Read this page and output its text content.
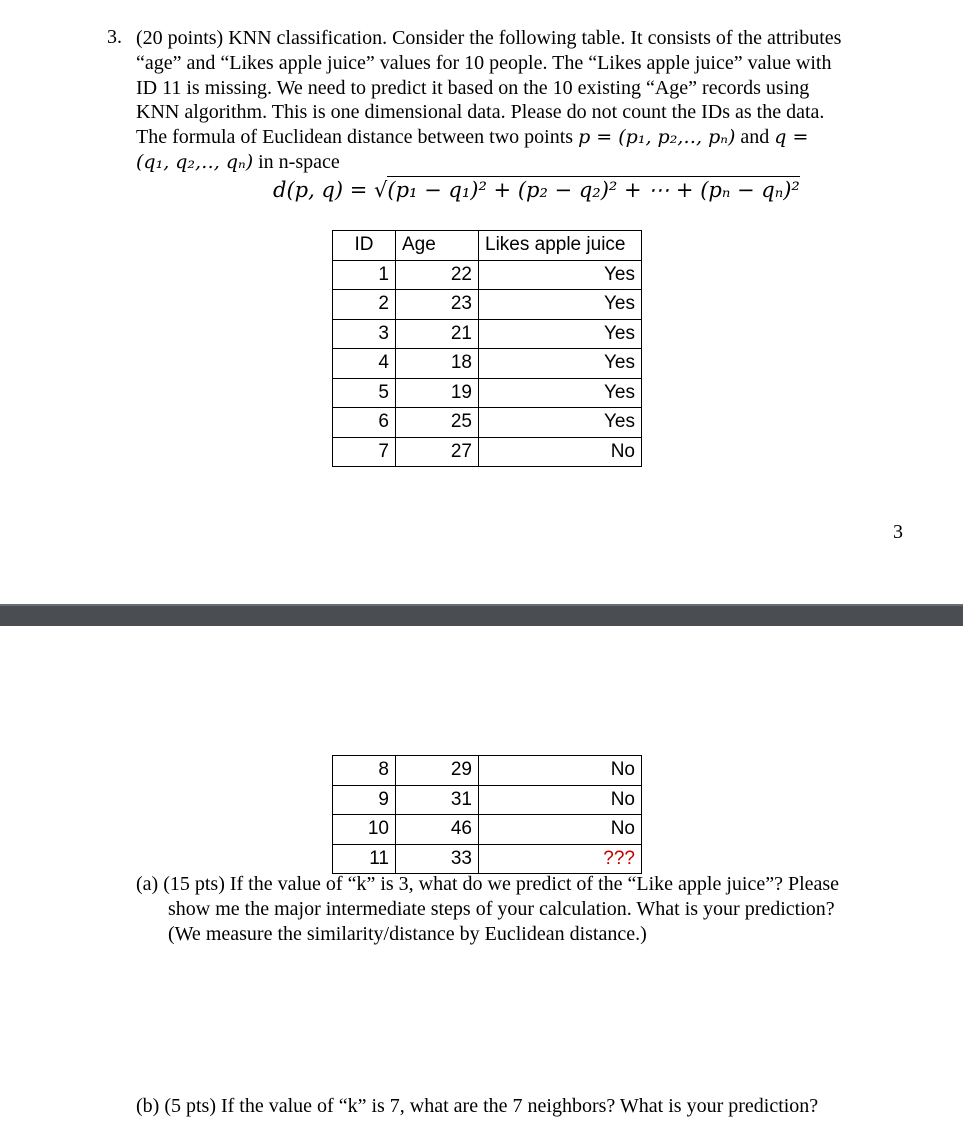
3. (20 points) KNN classification. Consider the following table. It consists of the attributes
“age” and “Likes apple juice” values for 10 people. The “Likes apple juice” value with
ID 11 is missing. We need to predict it based on the 10 existing “Age” records using
KNN algorithm. This is one dimensional data. Please do not count the IDs as the data.
The formula of Euclidean distance between two points p = (p₁, p₂,‥, pₙ) and q =
(q₁, q₂,‥, qₙ) in n-space
d(p, q) = √(p₁ − q₁)² + (p₂ − q₂)² + ⋯ + (pₙ − qₙ)²
ID	Age	Likes apple juice
1	22	Yes
2	23	Yes
3	21	Yes
4	18	Yes
5	19	Yes
6	25	Yes
7	27	No
3
8	29	No
9	31	No
10	46	No
11	33	???
(a) (15 pts) If the value of “k” is 3, what do we predict of the “Like apple juice”? Please
show me the major intermediate steps of your calculation. What is your prediction?
(We measure the similarity/distance by Euclidean distance.)
(b) (5 pts) If the value of “k” is 7, what are the 7 neighbors? What is your prediction?
